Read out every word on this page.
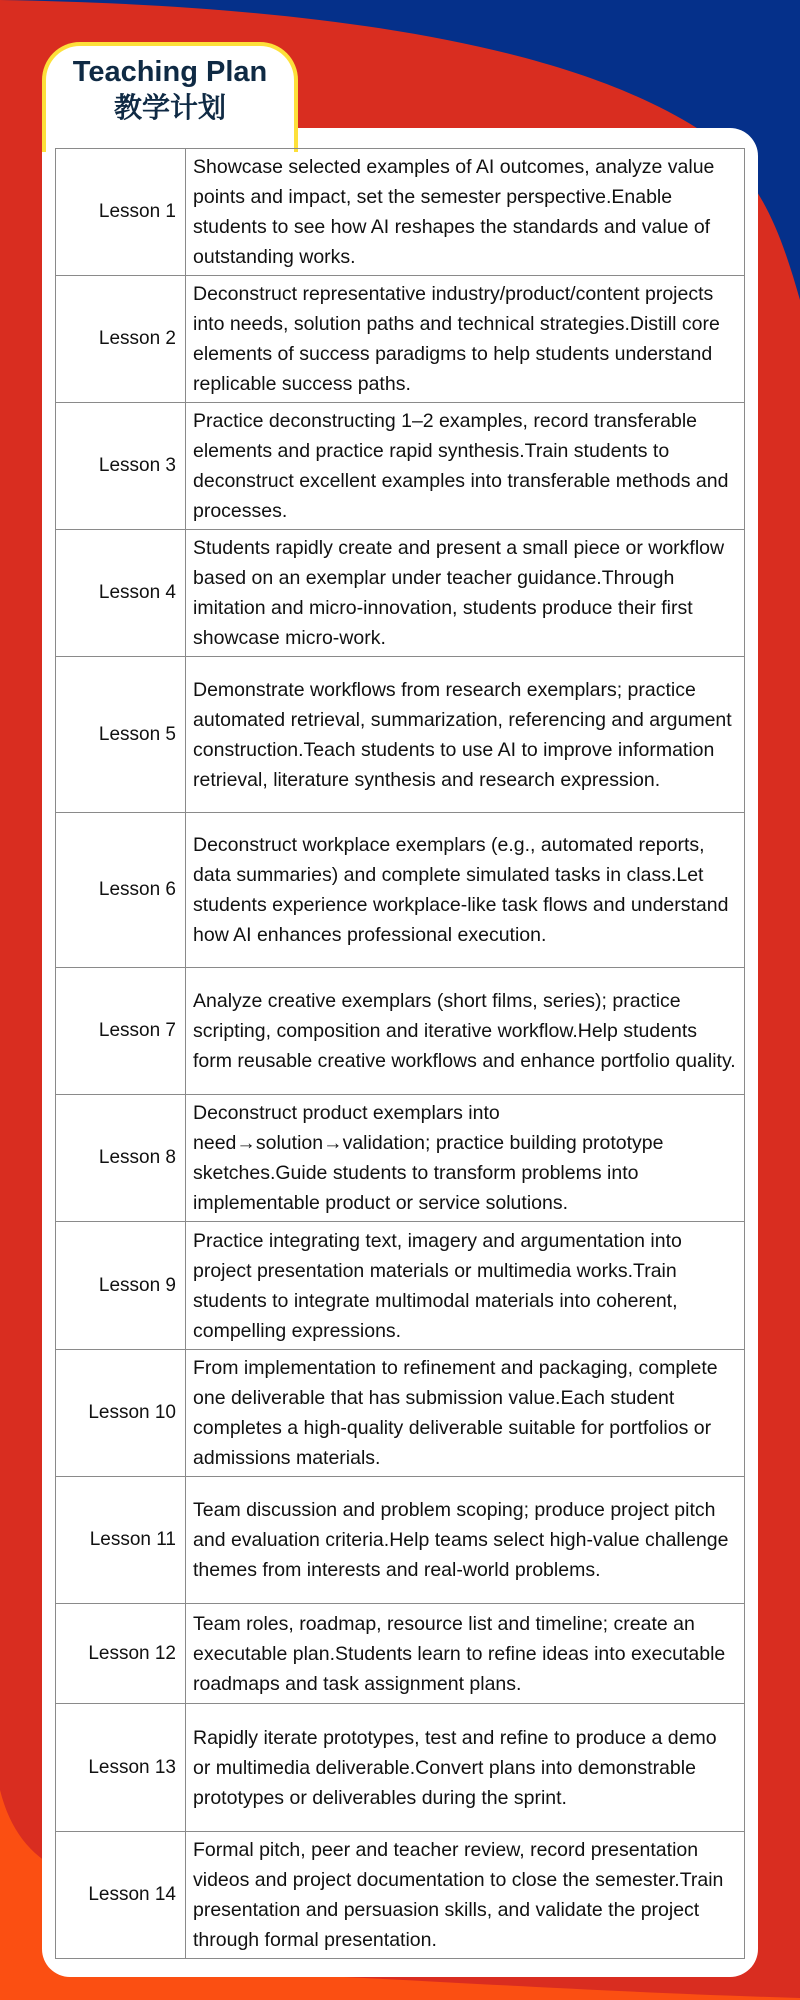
Teaching Plan
教学计划
Lesson 1	Showcase selected examples of AI outcomes, analyze value points and impact, set the semester perspective.Enable students to see how AI reshapes the standards and value of outstanding works.
Lesson 2	Deconstruct representative industry/product/content projects into needs, solution paths and technical strategies.Distill core elements of success paradigms to help students understand replicable success paths.
Lesson 3	Practice deconstructing 1–2 examples, record transferable elements and practice rapid synthesis.Train students to deconstruct excellent examples into transferable methods and processes.
Lesson 4	Students rapidly create and present a small piece or workflow based on an exemplar under teacher guidance.Through imitation and micro-innovation, students produce their first showcase micro-work.
Lesson 5	Demonstrate workflows from research exemplars; practice automated retrieval, summarization, referencing and argument construction.Teach students to use AI to improve information retrieval, literature synthesis and research expression.
Lesson 6	Deconstruct workplace exemplars (e.g., automated reports, data summaries) and complete simulated tasks in class.Let students experience workplace-like task flows and understand how AI enhances professional execution.
Lesson 7	Analyze creative exemplars (short films, series); practice scripting, composition and iterative workflow.Help students form reusable creative workflows and enhance portfolio quality.
Lesson 8	Deconstruct product exemplars into need→solution→validation; practice building prototype sketches.Guide students to transform problems into implementable product or service solutions.
Lesson 9	Practice integrating text, imagery and argumentation into project presentation materials or multimedia works.Train students to integrate multimodal materials into coherent, compelling expressions.
Lesson 10	From implementation to refinement and packaging, complete one deliverable that has submission value.Each student completes a high-quality deliverable suitable for portfolios or admissions materials.
Lesson 11	Team discussion and problem scoping; produce project pitch and evaluation criteria.Help teams select high-value challenge themes from interests and real-world problems.
Lesson 12	Team roles, roadmap, resource list and timeline; create an executable plan.Students learn to refine ideas into executable roadmaps and task assignment plans.
Lesson 13	Rapidly iterate prototypes, test and refine to produce a demo or multimedia deliverable.Convert plans into demonstrable prototypes or deliverables during the sprint.
Lesson 14	Formal pitch, peer and teacher review, record presentation videos and project documentation to close the semester.Train presentation and persuasion skills, and validate the project through formal presentation.
